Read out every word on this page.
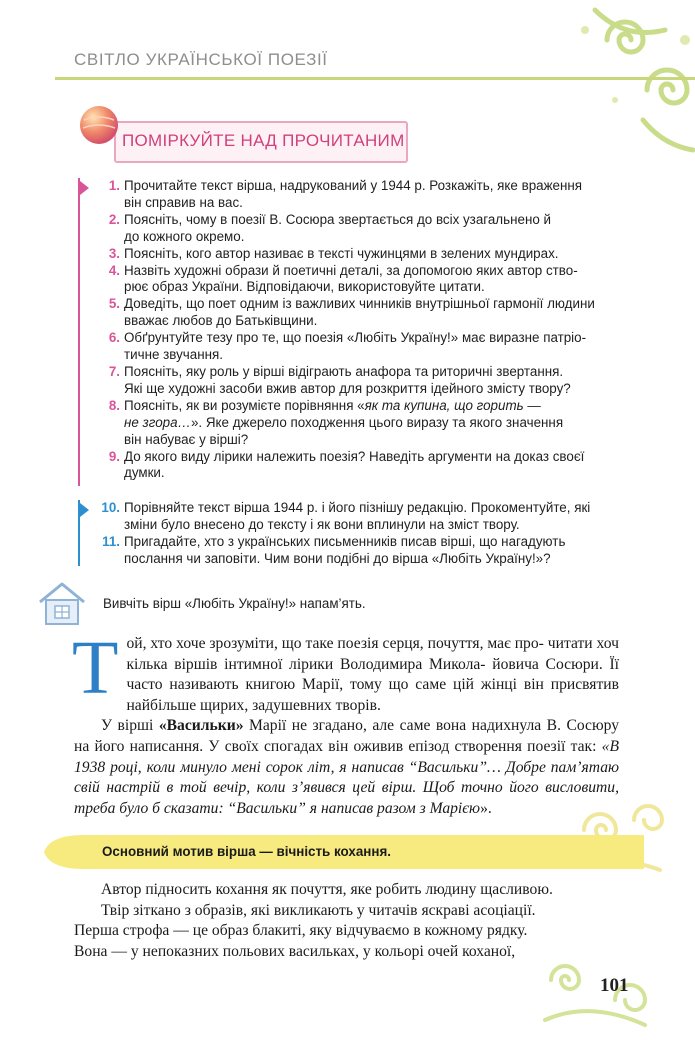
СВІТЛО УКРАЇНСЬКОЇ ПОЕЗІЇ
ПОМІРКУЙТЕ НАД ПРОЧИТАНИМ
1. Прочитайте текст вірша, надрукований у 1944 р. Розкажіть, яке враження
він справив на вас.
2. Поясніть, чому в поезії В. Сосюра звертається до всіх узагальнено й
до кожного окремо.
3. Поясніть, кого автор називає в тексті чужинцями в зелених мундирах.
4. Назвіть художні образи й поетичні деталі, за допомогою яких автор ство-
рює образ України. Відповідаючи, використовуйте цитати.
5. Доведіть, що поет одним із важливих чинників внутрішньої гармонії людини
вважає любов до Батьківщини.
6. Обґрунтуйте тезу про те, що поезія «Любіть Україну!» має виразне патріо-
тичне звучання.
7. Поясніть, яку роль у вірші відіграють анафора та риторичні звертання.
Які ще художні засоби вжив автор для розкриття ідейного змісту твору?
8. Поясніть, як ви розумієте порівняння «як та купина, що горить —
не згора…». Яке джерело походження цього виразу та якого значення
він набуває у вірші?
9. До якого виду лірики належить поезія? Наведіть аргументи на доказ своєї
думки.
10. Порівняйте текст вірша 1944 р. і його пізнішу редакцію. Прокоментуйте, які
зміни було внесено до тексту і як вони вплинули на зміст твору.
11. Пригадайте, хто з українських письменників писав вірші, що нагадують
послання чи заповіти. Чим вони подібні до вірша «Любіть Україну!»?
Вивчіть вірш «Любіть Україну!» напам’ять.
Т ой, хто хоче зрозуміти, що таке поезія серця, почуття, має про- читати хоч кілька віршів інтимної лірики Володимира Микола- йовича Сосюри. Її часто називають книгою Марії, тому що саме цій жінці він присвятив найбільше щирих, задушевних творів.

У вірші «Васильки» Марії не згадано, але саме вона надихнула В. Сосюру на його написання. У своїх спогадах він оживив епізод створення поезії так: «В 1938 році, коли минуло мені сорок літ, я написав “Васильки”… Добре пам’ятаю свій настрій в той вечір, коли з’явився цей вірш. Щоб точно його висловити, треба було б сказати: “Васильки” я написав разом з Марією».

Основний мотив вірша — вічність кохання.

Автор підносить кохання як почуття, яке робить людину щасливою.

Твір зіткано з образів, які викликають у читачів яскраві асоціації.

Перша строфа — це образ блакиті, яку відчуваємо в кожному рядку.

Вона — у непоказних польових васильках, у кольорі очей коханої,

101
